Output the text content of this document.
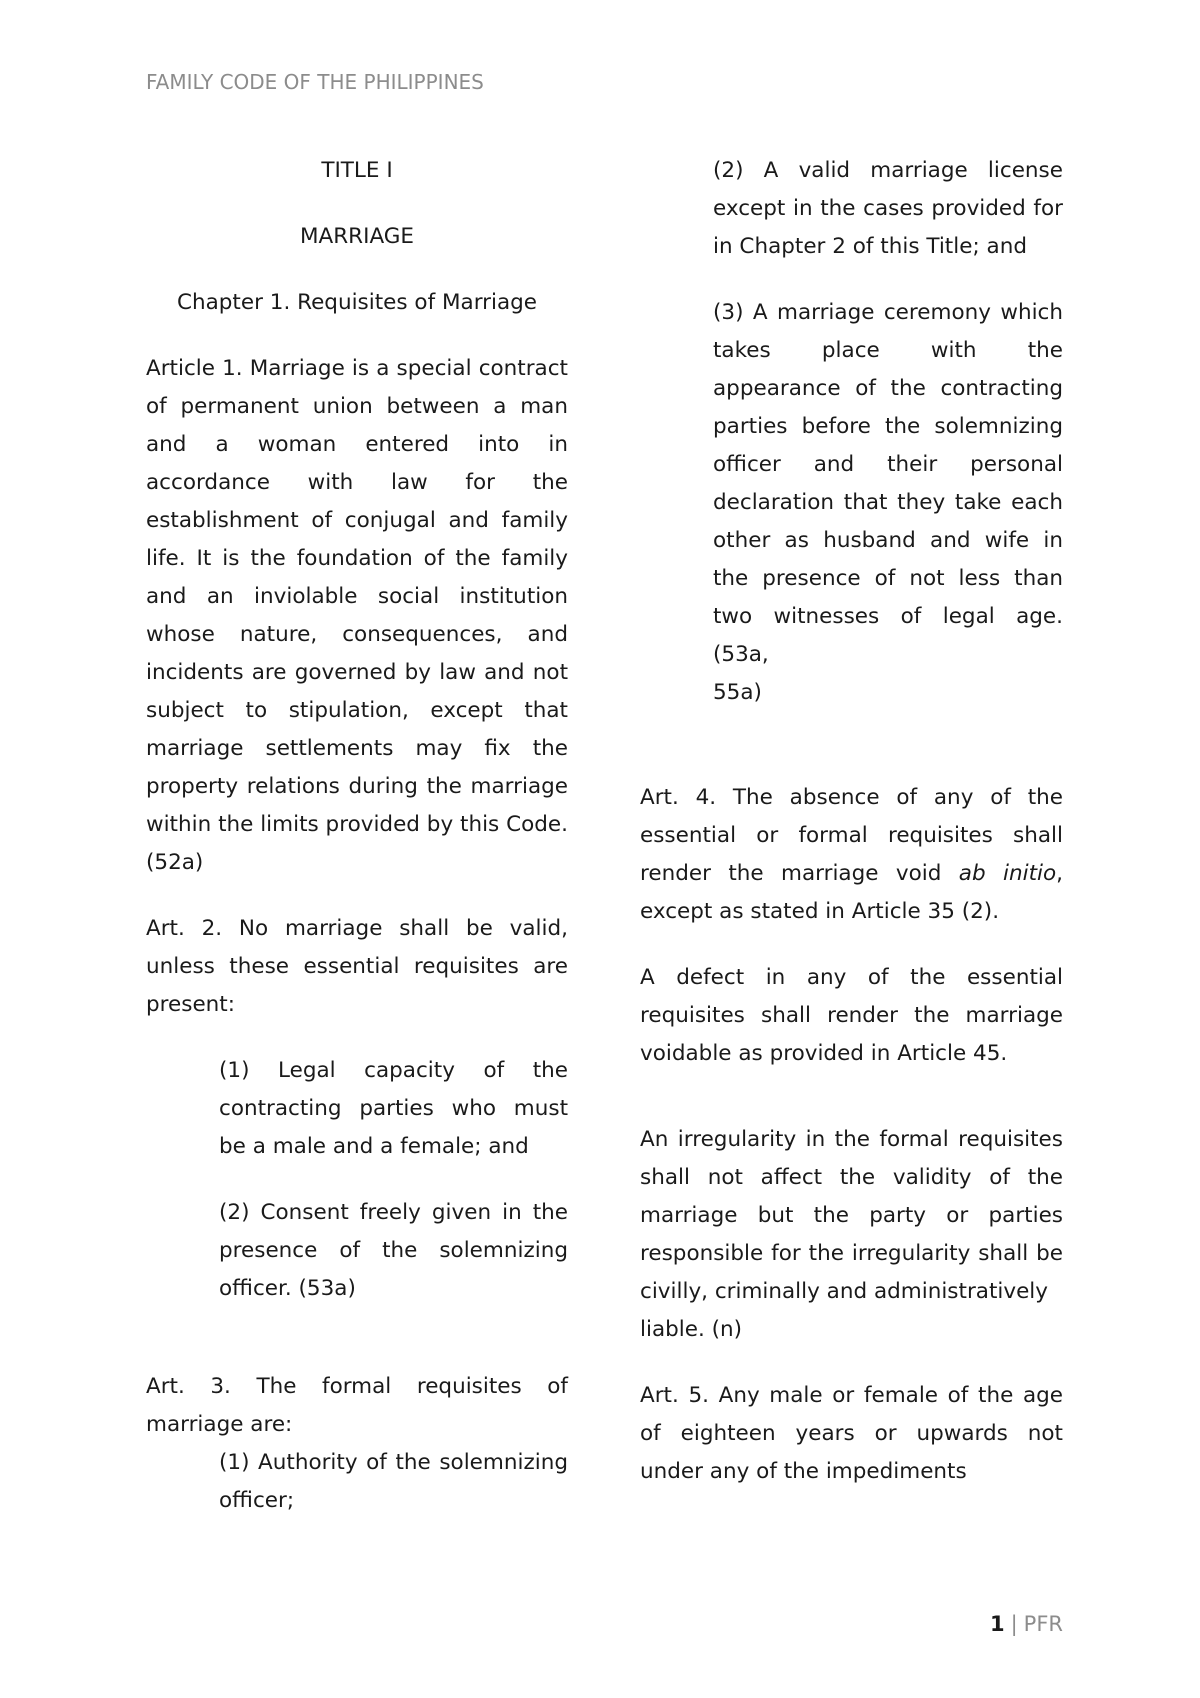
FAMILY CODE OF THE PHILIPPINES

TITLE I

MARRIAGE

Chapter 1. Requisites of Marriage

Article 1. Marriage is a special contract of permanent union between a man and a woman entered into in accordance with law for the establishment of conjugal and family life. It is the foundation of the family and an inviolable social institution whose nature, consequences, and incidents are governed by law and not subject to stipulation, except that marriage settlements may fix the property relations during the marriage within the limits provided by this Code. (52a)

Art. 2. No marriage shall be valid, unless these essential requisites are present:

(1) Legal capacity of the contracting parties who must be a male and a female; and

(2) Consent freely given in the presence of the solemnizing officer. (53a)

Art. 3. The formal requisites of marriage are:

(1) Authority of the solemnizing officer;

(2) A valid marriage license except in the cases provided for in Chapter 2 of this Title; and

(3) A marriage ceremony which takes place with the appearance of the contracting parties before the solemnizing officer and their personal declaration that they take each other as husband and wife in the presence of not less than two witnesses of legal age. (53a,

55a)

Art. 4. The absence of any of the essential or formal requisites shall render the marriage void ab initio, except as stated in Article 35 (2).

A defect in any of the essential requisites shall render the marriage voidable as provided in Article 45.

An irregularity in the formal requisites shall not affect the validity of the marriage but the party or parties responsible for the irregularity shall be civilly, criminally and administratively

liable. (n)

Art. 5. Any male or female of the age of eighteen years or upwards not under any of the impediments

1 | PFR
